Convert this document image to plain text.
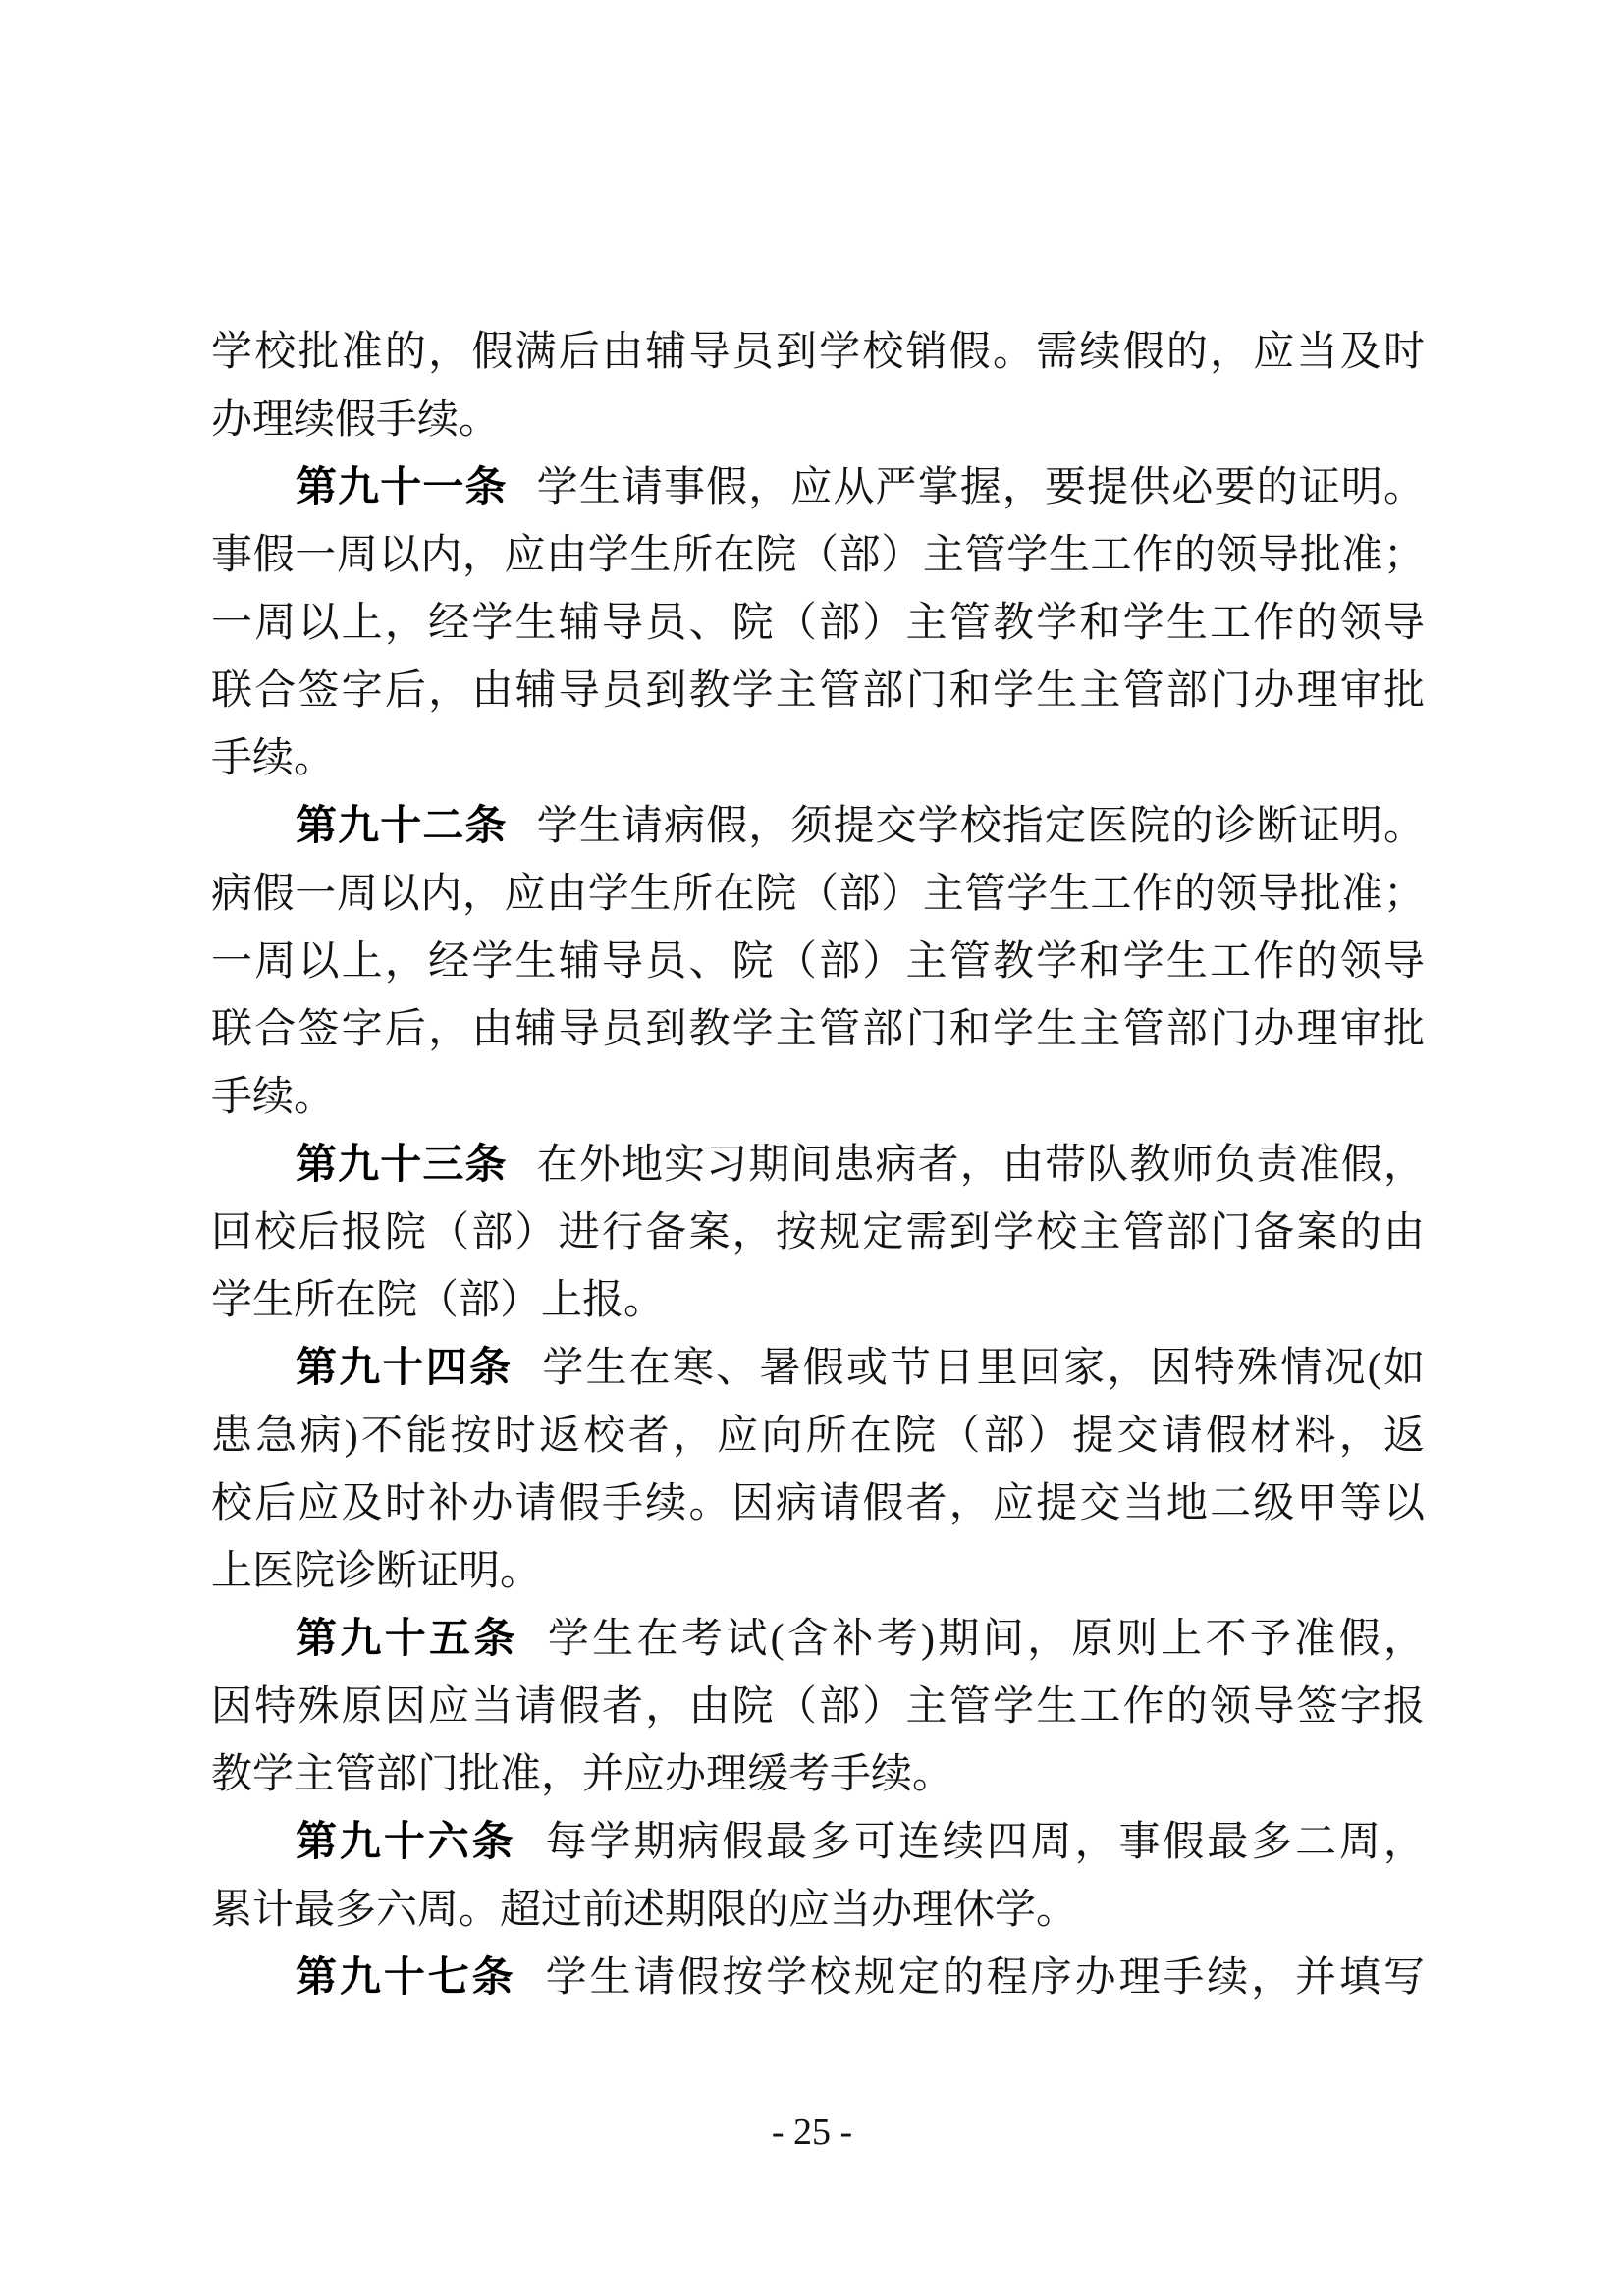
学校批准的，假满后由辅导员到学校销假。需续假的，应当及时
办理续假手续。
第九十一条 学生请事假，应从严掌握，要提供必要的证明。
事假一周以内，应由学生所在院（部）主管学生工作的领导批准；
一周以上，经学生辅导员、院（部）主管教学和学生工作的领导
联合签字后，由辅导员到教学主管部门和学生主管部门办理审批
手续。
第九十二条 学生请病假，须提交学校指定医院的诊断证明。
病假一周以内，应由学生所在院（部）主管学生工作的领导批准；
一周以上，经学生辅导员、院（部）主管教学和学生工作的领导
联合签字后，由辅导员到教学主管部门和学生主管部门办理审批
手续。
第九十三条 在外地实习期间患病者，由带队教师负责准假，
回校后报院（部）进行备案，按规定需到学校主管部门备案的由
学生所在院（部）上报。
第九十四条 学生在寒、暑假或节日里回家，因特殊情况(如
患急病)不能按时返校者，应向所在院（部）提交请假材料，返
校后应及时补办请假手续。因病请假者，应提交当地二级甲等以
上医院诊断证明。
第九十五条 学生在考试(含补考)期间，原则上不予准假，
因特殊原因应当请假者，由院（部）主管学生工作的领导签字报
教学主管部门批准，并应办理缓考手续。
第九十六条 每学期病假最多可连续四周，事假最多二周，
累计最多六周。超过前述期限的应当办理休学。
第九十七条 学生请假按学校规定的程序办理手续，并填写
- 25 -
